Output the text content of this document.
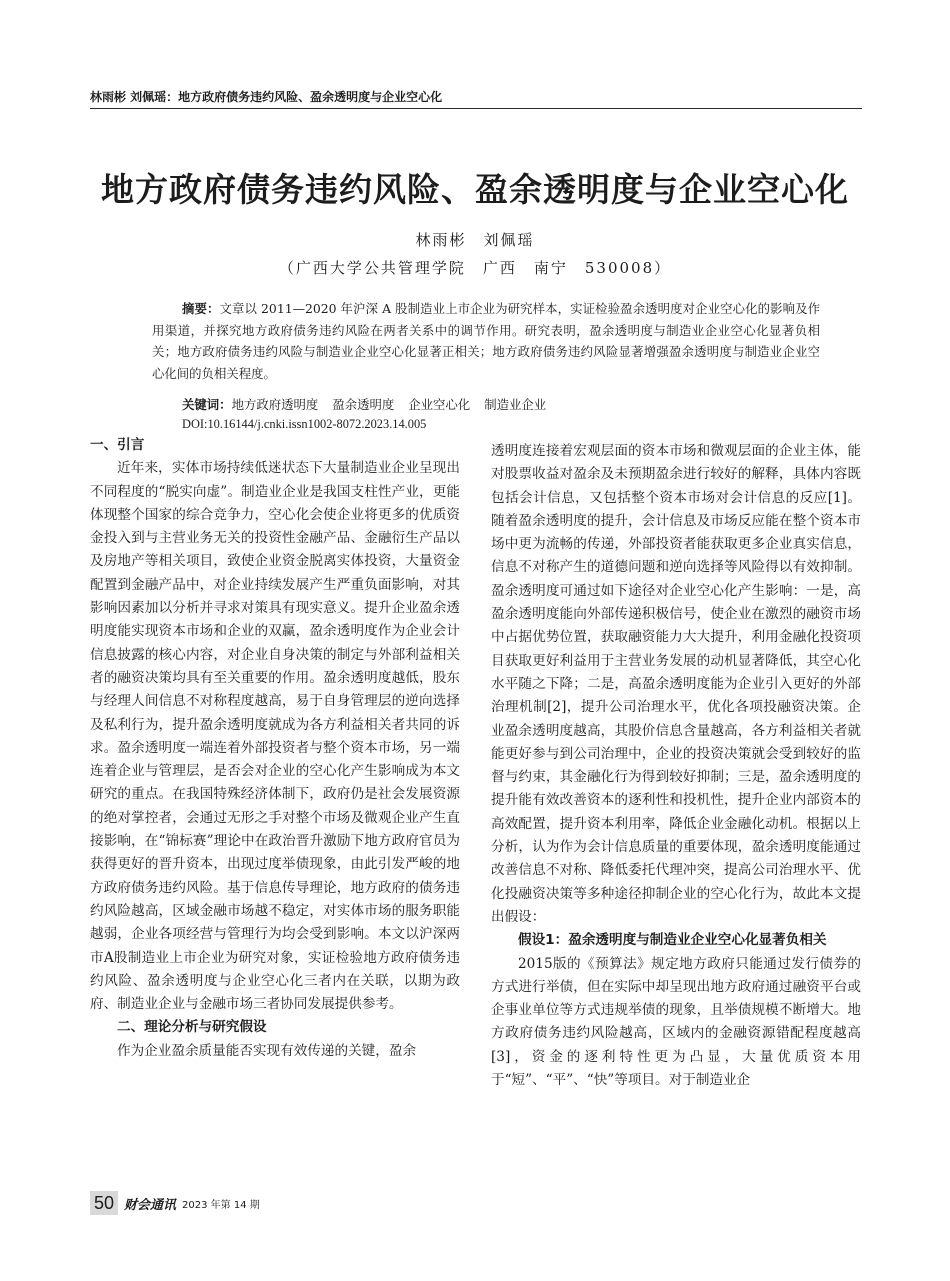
林雨彬 刘佩瑶：地方政府债务违约风险、盈余透明度与企业空心化
地方政府债务违约风险、盈余透明度与企业空心化
林雨彬　刘佩瑶
（广西大学公共管理学院　广西　南宁　530008）

摘要：文章以 2011—2020 年沪深 A 股制造业上市企业为研究样本，实证检验盈余透明度对企业空心化的影响及作用渠道，并探究地方政府债务违约风险在两者关系中的调节作用。研究表明，盈余透明度与制造业企业空心化显著负相关；地方政府债务违约风险与制造业企业空心化显著正相关；地方政府债务违约风险显著增强盈余透明度与制造业企业空心化间的负相关程度。

关键词：地方政府透明度 盈余透明度 企业空心化 制造业企业
DOI:10.16144/j.cnki.issn1002-8072.2023.14.005
一、引言

近年来，实体市场持续低迷状态下大量制造业企业呈现出不同程度的“脱实向虚”。制造业企业是我国支柱性产业，更能体现整个国家的综合竞争力，空心化会使企业将更多的优质资金投入到与主营业务无关的投资性金融产品、金融衍生产品以及房地产等相关项目，致使企业资金脱离实体投资，大量资金配置到金融产品中，对企业持续发展产生严重负面影响，对其影响因素加以分析并寻求对策具有现实意义。提升企业盈余透明度能实现资本市场和企业的双赢，盈余透明度作为企业会计信息披露的核心内容，对企业自身决策的制定与外部利益相关者的融资决策均具有至关重要的作用。盈余透明度越低，股东与经理人间信息不对称程度越高，易于自身管理层的逆向选择及私利行为，提升盈余透明度就成为各方利益相关者共同的诉求。盈余透明度一端连着外部投资者与整个资本市场，另一端连着企业与管理层，是否会对企业的空心化产生影响成为本文研究的重点。在我国特殊经济体制下，政府仍是社会发展资源的绝对掌控者，会通过无形之手对整个市场及微观企业产生直接影响，在“锦标赛”理论中在政治晋升激励下地方政府官员为获得更好的晋升资本，出现过度举债现象，由此引发严峻的地方政府债务违约风险。基于信息传导理论，地方政府的债务违约风险越高，区域金融市场越不稳定，对实体市场的服务职能越弱，企业各项经营与管理行为均会受到影响。本文以沪深两市A股制造业上市企业为研究对象，实证检验地方政府债务违约风险、盈余透明度与企业空心化三者内在关联，以期为政府、制造业企业与金融市场三者协同发展提供参考。

二、理论分析与研究假设

作为企业盈余质量能否实现有效传递的关键，盈余

透明度连接着宏观层面的资本市场和微观层面的企业主体，能对股票收益对盈余及未预期盈余进行较好的解释，具体内容既包括会计信息，又包括整个资本市场对会计信息的反应[1]。随着盈余透明度的提升，会计信息及市场反应能在整个资本市场中更为流畅的传递，外部投资者能获取更多企业真实信息，信息不对称产生的道德问题和逆向选择等风险得以有效抑制。盈余透明度可通过如下途径对企业空心化产生影响：一是，高盈余透明度能向外部传递积极信号，使企业在激烈的融资市场中占据优势位置，获取融资能力大大提升，利用金融化投资项目获取更好利益用于主营业务发展的动机显著降低，其空心化水平随之下降；二是，高盈余透明度能为企业引入更好的外部治理机制[2]，提升公司治理水平，优化各项投融资决策。企业盈余透明度越高，其股价信息含量越高，各方利益相关者就能更好参与到公司治理中，企业的投资决策就会受到较好的监督与约束，其金融化行为得到较好抑制；三是，盈余透明度的提升能有效改善资本的逐利性和投机性，提升企业内部资本的高效配置，提升资本利用率，降低企业金融化动机。根据以上分析，认为作为会计信息质量的重要体现，盈余透明度能通过改善信息不对称、降低委托代理冲突，提高公司治理水平、优化投融资决策等多种途径抑制企业的空心化行为，故此本文提出假设：

假设1：盈余透明度与制造业企业空心化显著负相关

2015版的《预算法》规定地方政府只能通过发行债券的方式进行举债，但在实际中却呈现出地方政府通过融资平台或企事业单位等方式违规举债的现象，且举债规模不断增大。地方政府债务违约风险越高，区域内的金融资源错配程度越高[3]，资金的逐利特性更为凸显，大量优质资本用于“短”、“平”、“快”等项目。对于制造业企

50 财会通讯 2023 年第 14 期
